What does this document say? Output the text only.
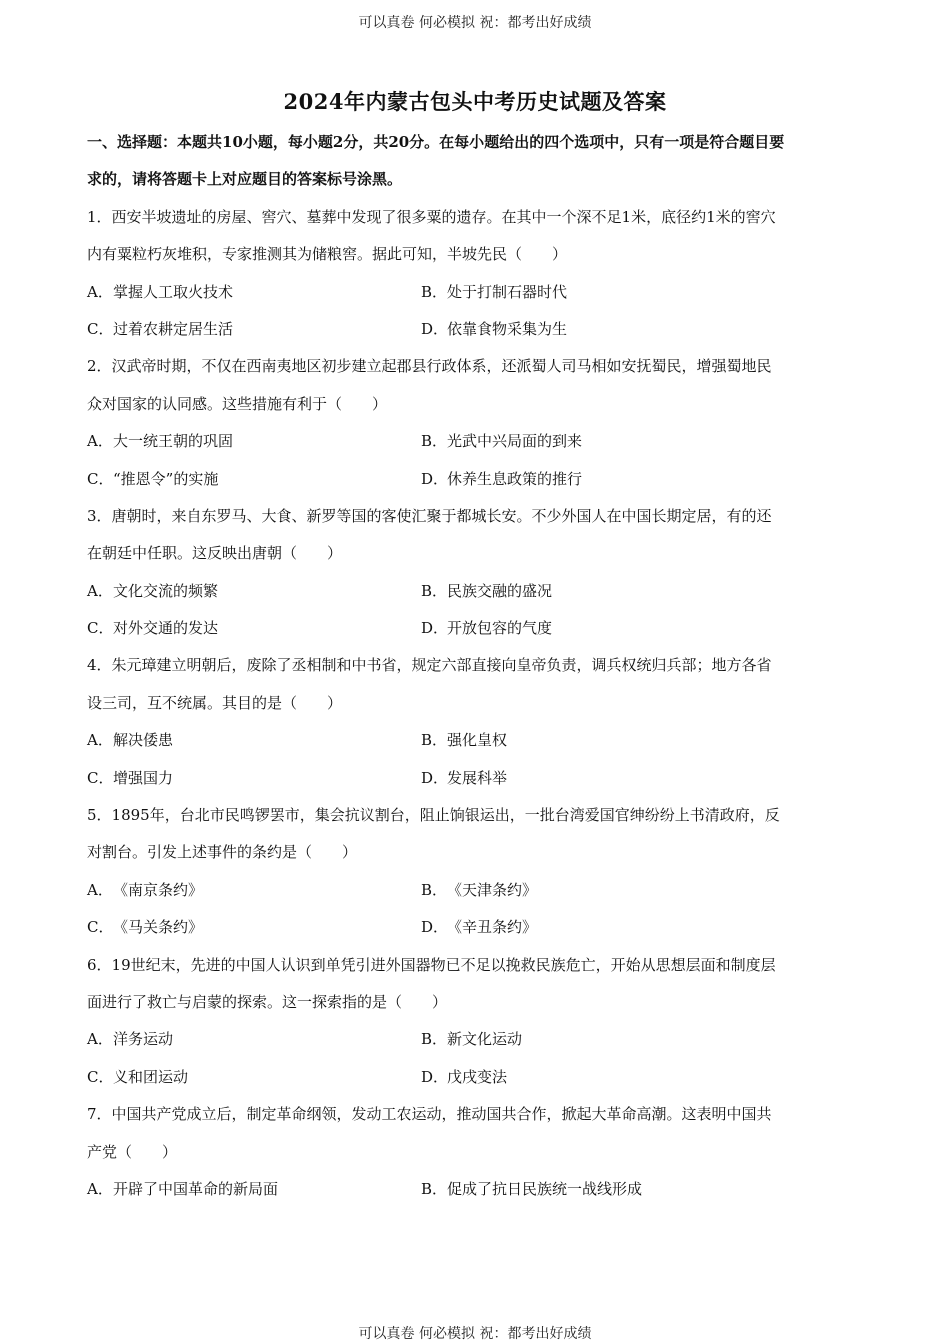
可以真卷 何必模拟 祝：都考出好成绩
2024年内蒙古包头中考历史试题及答案
一、选择题：本题共10小题，每小题2分，共20分。在每小题给出的四个选项中，只有一项是符合题目要
求的，请将答题卡上对应题目的答案标号涂黑。
1．西安半坡遗址的房屋、窖穴、墓葬中发现了很多粟的遗存。在其中一个深不足1米，底径约1米的窖穴
内有粟粒朽灰堆积，专家推测其为储粮窖。据此可知，半坡先民（　　）
A．掌握人工取火技术	B．处于打制石器时代
C．过着农耕定居生活	D．依靠食物采集为生
2．汉武帝时期，不仅在西南夷地区初步建立起郡县行政体系，还派蜀人司马相如安抚蜀民，增强蜀地民
众对国家的认同感。这些措施有利于（　　）
A．大一统王朝的巩固	B．光武中兴局面的到来
C．“推恩令”的实施	D．休养生息政策的推行
3．唐朝时，来自东罗马、大食、新罗等国的客使汇聚于都城长安。不少外国人在中国长期定居，有的还
在朝廷中任职。这反映出唐朝（　　）
A．文化交流的频繁	B．民族交融的盛况
C．对外交通的发达	D．开放包容的气度
4．朱元璋建立明朝后，废除了丞相制和中书省，规定六部直接向皇帝负责，调兵权统归兵部；地方各省
设三司，互不统属。其目的是（　　）
A．解决倭患	B．强化皇权
C．增强国力	D．发展科举
5．1895年，台北市民鸣锣罢市，集会抗议割台，阻止饷银运出，一批台湾爱国官绅纷纷上书清政府，反
对割台。引发上述事件的条约是（　　）
A．《南京条约》	B．《天津条约》
C．《马关条约》	D．《辛丑条约》
6．19世纪末，先进的中国人认识到单凭引进外国器物已不足以挽救民族危亡，开始从思想层面和制度层
面进行了救亡与启蒙的探索。这一探索指的是（　　）
A．洋务运动	B．新文化运动
C．义和团运动	D．戊戌变法
7．中国共产党成立后，制定革命纲领，发动工农运动，推动国共合作，掀起大革命高潮。这表明中国共
产党（　　）
A．开辟了中国革命的新局面	B．促成了抗日民族统一战线形成
可以真卷 何必模拟 祝：都考出好成绩
